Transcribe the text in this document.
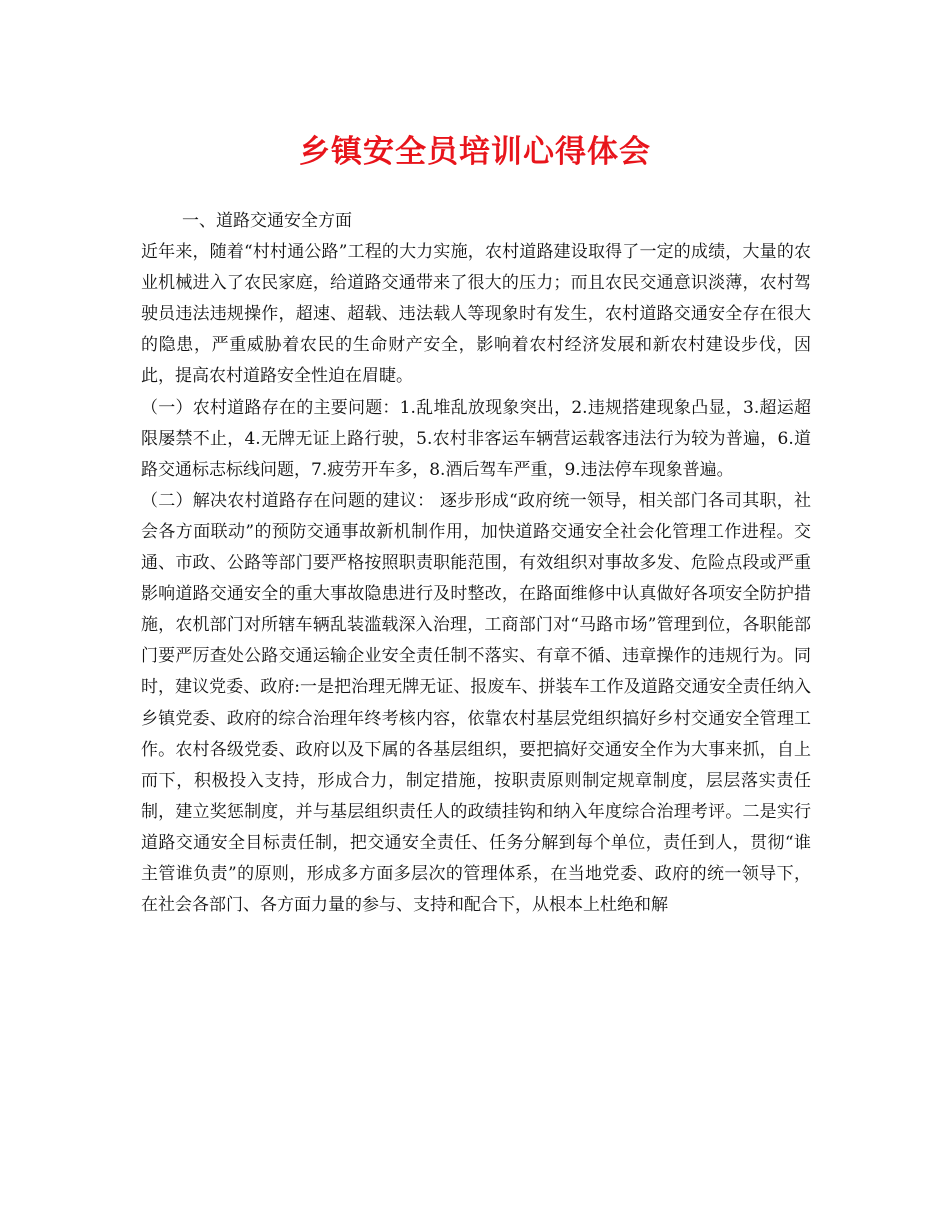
乡镇安全员培训心得体会

一、道路交通安全方面

近年来，随着“村村通公路”工程的大力实施，农村道路建设取得了一定的成绩，大量的农业机械进入了农民家庭，给道路交通带来了很大的压力；而且农民交通意识淡薄，农村驾驶员违法违规操作，超速、超载、违法载人等现象时有发生，农村道路交通安全存在很大的隐患，严重威胁着农民的生命财产安全，影响着农村经济发展和新农村建设步伐，因此，提高农村道路安全性迫在眉睫。

（一）农村道路存在的主要问题：1.乱堆乱放现象突出，2.违规搭建现象凸显，3.超运超限屡禁不止，4.无牌无证上路行驶，5.农村非客运车辆营运载客违法行为较为普遍，6.道路交通标志标线问题，7.疲劳开车多，8.酒后驾车严重，9.违法停车现象普遍。

（二）解决农村道路存在问题的建议： 逐步形成“政府统一领导，相关部门各司其职，社会各方面联动”的预防交通事故新机制作用，加快道路交通安全社会化管理工作进程。交通、市政、公路等部门要严格按照职责职能范围，有效组织对事故多发、危险点段或严重影响道路交通安全的重大事故隐患进行及时整改，在路面维修中认真做好各项安全防护措施，农机部门对所辖车辆乱装滥载深入治理，工商部门对“马路市场”管理到位，各职能部门要严厉查处公路交通运输企业安全责任制不落实、有章不循、违章操作的违规行为。同时，建议党委、政府:一是把治理无牌无证、报废车、拼装车工作及道路交通安全责任纳入乡镇党委、政府的综合治理年终考核内容，依靠农村基层党组织搞好乡村交通安全管理工作。农村各级党委、政府以及下属的各基层组织，要把搞好交通安全作为大事来抓，自上而下，积极投入支持，形成合力，制定措施，按职责原则制定规章制度，层层落实责任制，建立奖惩制度，并与基层组织责任人的政绩挂钩和纳入年度综合治理考评。二是实行道路交通安全目标责任制，把交通安全责任、任务分解到每个单位，责任到人，贯彻“谁主管谁负责”的原则，形成多方面多层次的管理体系，在当地党委、政府的统一领导下，在社会各部门、各方面力量的参与、支持和配合下，从根本上杜绝和解
